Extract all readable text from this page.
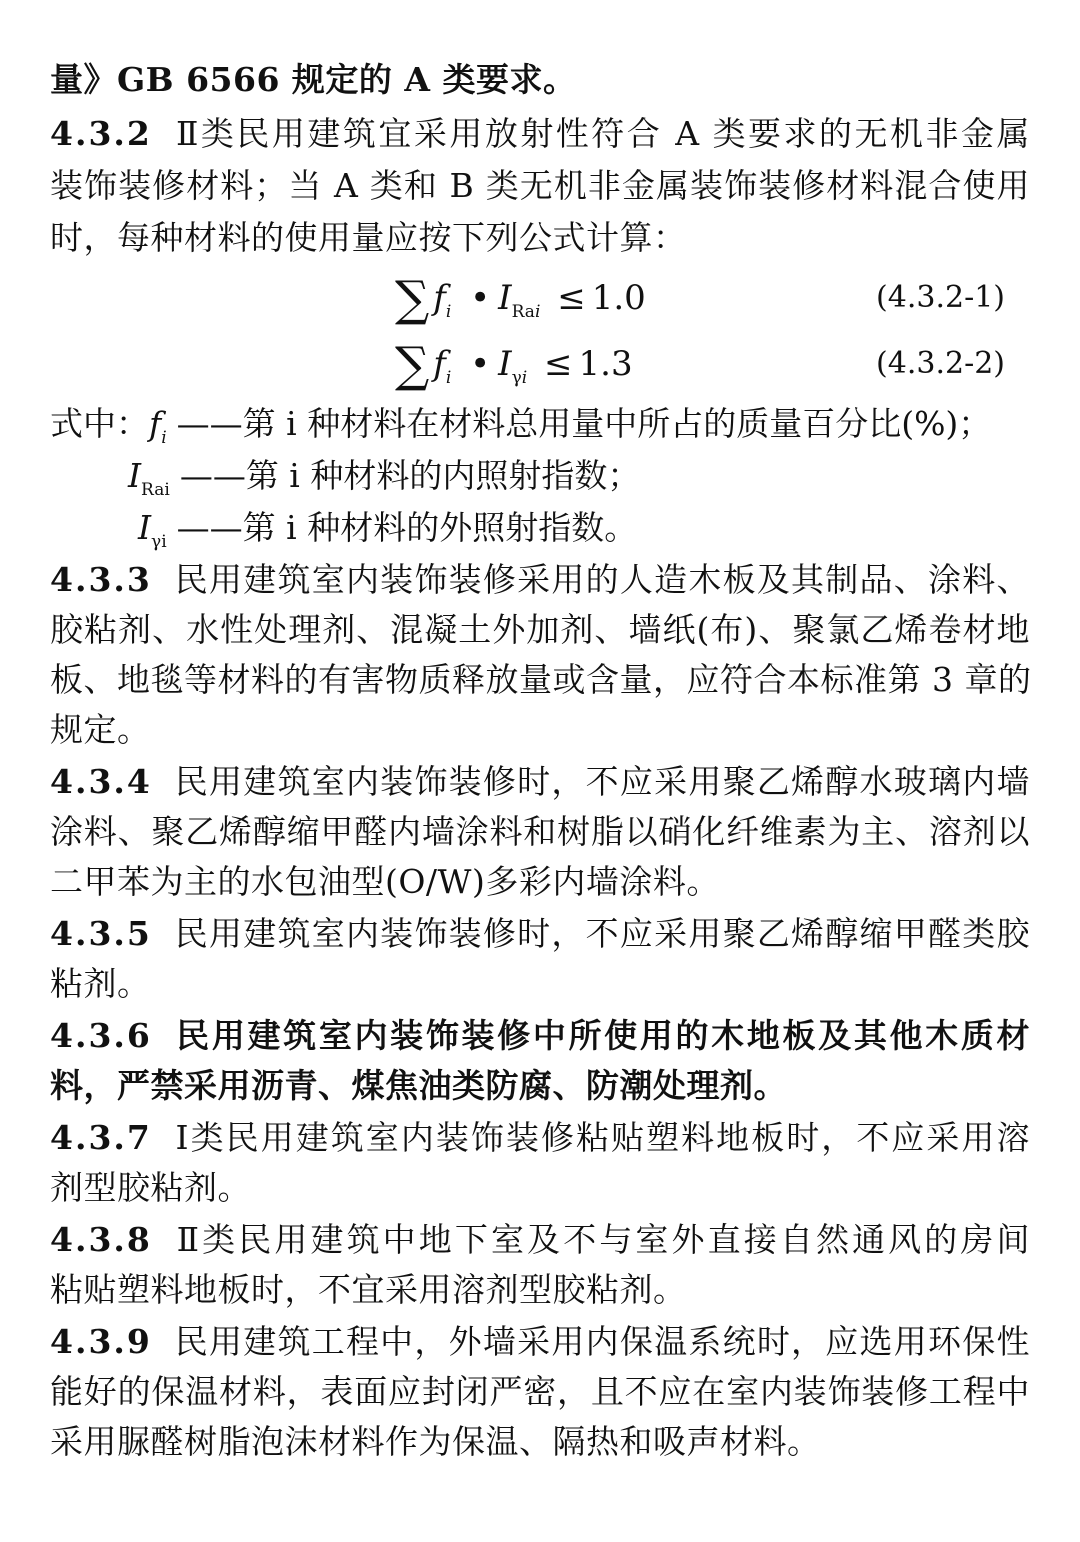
量》GB 6566 规定的 A 类要求。
4.3.2 Ⅱ类民用建筑宜采用放射性符合 A 类要求的无机非金属
装饰装修材料；当 A 类和 B 类无机非金属装饰装修材料混合使用
时，每种材料的使用量应按下列公式计算：
∑ $f_i$ • $I_{Rai} \le 1.0$	(4.3.2-1)
∑ $f_i$ • $I_{\gamma i} \le 1.3$	(4.3.2-2)
式中：$f_i$ ——第 i 种材料在材料总用量中所占的质量百分比(%)；
$I_{Rai}$ ——第 i 种材料的内照射指数；
$I_{\gamma i}$ ——第 i 种材料的外照射指数。
4.3.3 民用建筑室内装饰装修采用的人造木板及其制品、涂料、
胶粘剂、水性处理剂、混凝土外加剂、墙纸(布)、聚氯乙烯卷材地
板、地毯等材料的有害物质释放量或含量，应符合本标准第 3 章的
规定。
4.3.4 民用建筑室内装饰装修时，不应采用聚乙烯醇水玻璃内墙
涂料、聚乙烯醇缩甲醛内墙涂料和树脂以硝化纤维素为主、溶剂以
二甲苯为主的水包油型(O/W)多彩内墙涂料。
4.3.5 民用建筑室内装饰装修时，不应采用聚乙烯醇缩甲醛类胶
粘剂。
4.3.6 民用建筑室内装饰装修中所使用的木地板及其他木质材
料，严禁采用沥青、煤焦油类防腐、防潮处理剂。
4.3.7 Ⅰ类民用建筑室内装饰装修粘贴塑料地板时，不应采用溶
剂型胶粘剂。
4.3.8 Ⅱ类民用建筑中地下室及不与室外直接自然通风的房间
粘贴塑料地板时，不宜采用溶剂型胶粘剂。
4.3.9 民用建筑工程中，外墙采用内保温系统时，应选用环保性
能好的保温材料，表面应封闭严密，且不应在室内装饰装修工程中
采用脲醛树脂泡沫材料作为保温、隔热和吸声材料。
